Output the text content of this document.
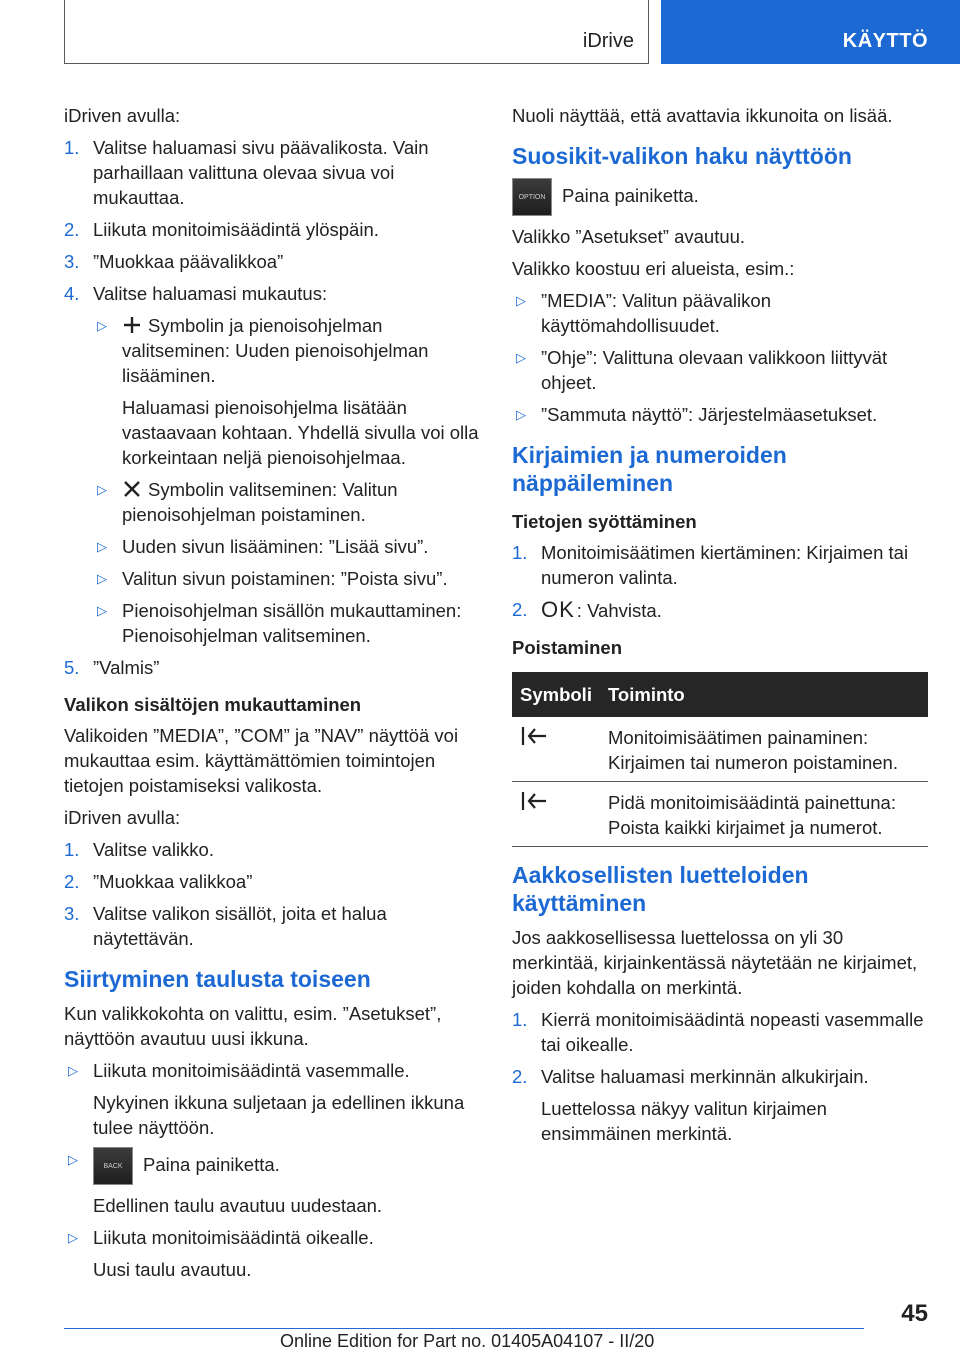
iDrive	KÄYTTÖ

iDriven avulla:

1. Valitse haluamasi sivu päävalikosta. Vain parhaillaan valittuna olevaa sivua voi mukauttaa.
2. Liikuta monitoimisäädintä ylöspäin.
3. ”Muokkaa päävalikkoa”
4. Valitse haluamasi mukautus:
▷ Symbolin ja pienoisohjelman valitseminen: Uuden pienoisohjelman lisääminen.
Haluamasi pienoisohjelma lisätään vastaavaan kohtaan. Yhdellä sivulla voi olla korkeintaan neljä pienoisohjelmaa.
▷ Symbolin valitseminen: Valitun pienoisohjelman poistaminen.
▷ Uuden sivun lisääminen: ”Lisää sivu”.
▷ Valitun sivun poistaminen: ”Poista sivu”.
▷ Pienoisohjelman sisällön mukauttaminen: Pienoisohjelman valitseminen.
5. ”Valmis”
Valikon sisältöjen mukauttaminen

Valikoiden ”MEDIA”, ”COM” ja ”NAV” näyttöä voi mukauttaa esim. käyttämättömien toimintojen tietojen poistamiseksi valikosta.

iDriven avulla:

1. Valitse valikko.
2. ”Muokkaa valikkoa”
3. Valitse valikon sisällöt, joita et halua näytettävän.
Siirtyminen taulusta toiseen

Kun valikkokohta on valittu, esim. ”Asetukset”, näyttöön avautuu uusi ikkuna.

▷ Liikuta monitoimisäädintä vasemmalle.
Nykyinen ikkuna suljetaan ja edellinen ikkuna tulee näyttöön.
▷	BACK	Paina painiketta.
Edellinen taulu avautuu uudestaan.
▷ Liikuta monitoimisäädintä oikealle.
Uusi taulu avautuu.

Nuoli näyttää, että avattavia ikkunoita on lisää.

Suosikit-valikon haku näyttöön
OPTION Paina painiketta.

Valikko ”Asetukset” avautuu.

Valikko koostuu eri alueista, esim.:

▷ ”MEDIA”: Valitun päävalikon käyttömahdollisuudet.
▷ ”Ohje”: Valittuna olevaan valikkoon liittyvät ohjeet.
▷ ”Sammuta näyttö”: Järjestelmäasetukset.
Kirjaimien ja numeroiden näppäileminen
Tietojen syöttäminen
1. Monitoimisäätimen kiertäminen: Kirjaimen tai numeron valinta.
2. OK : Vahvista.
Poistaminen
Symboli	Toiminto
	Monitoimisäätimen painaminen: Kirjaimen tai numeron poistaminen.
	Pidä monitoimisäädintä painettuna: Poista kaikki kirjaimet ja numerot.
Aakkosellisten luetteloiden käyttäminen

Jos aakkosellisessa luettelossa on yli 30 merkintää, kirjainkentässä näytetään ne kirjaimet, joiden kohdalla on merkintä.

1. Kierrä monitoimisäädintä nopeasti vasemmalle tai oikealle.
2. Valitse haluamasi merkinnän alkukirjain.
Luettelossa näkyy valitun kirjaimen ensimmäinen merkintä.
45
Online Edition for Part no. 01405A04107 - II/20
